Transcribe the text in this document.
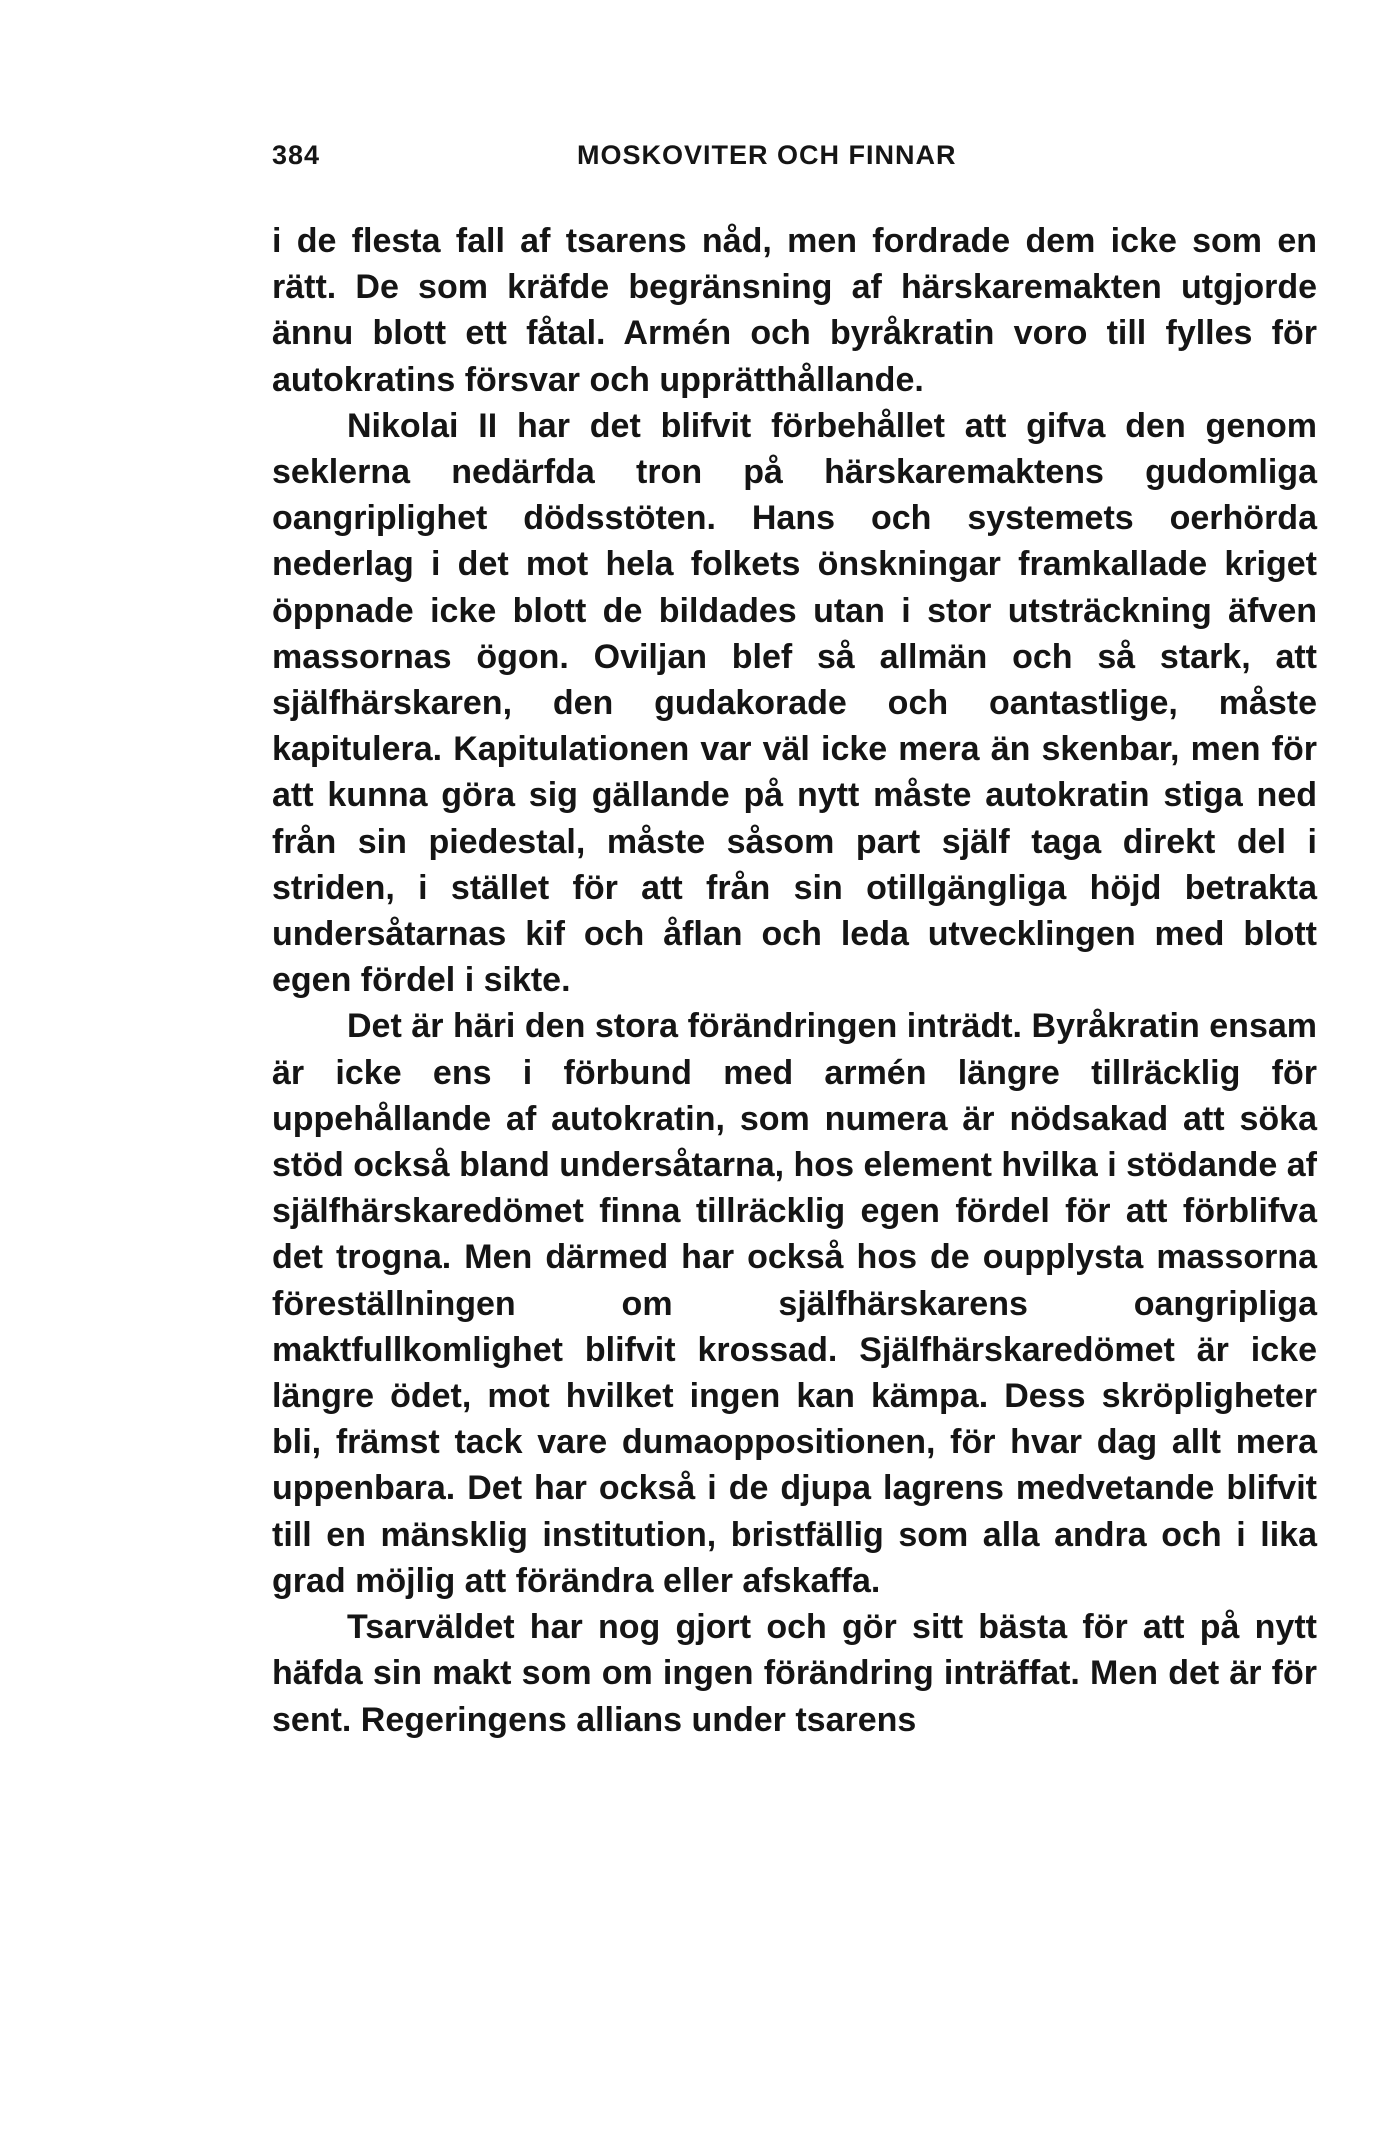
384	MOSKOVITER OCH FINNAR

i de flesta fall af tsarens nåd, men fordrade dem icke som en rätt. De som kräfde begränsning af härskaremakten utgjorde ännu blott ett fåtal. Armén och byråkratin voro till fylles för autokratins försvar och upprätthållande.

Nikolai II har det blifvit förbehållet att gifva den genom seklerna nedärfda tron på härskaremaktens gudomliga oangriplighet dödsstöten. Hans och systemets oerhörda nederlag i det mot hela folkets önskningar framkallade kriget öppnade icke blott de bildades utan i stor utsträckning äfven massornas ögon. Oviljan blef så allmän och så stark, att själfhärskaren, den gudakorade och oantastlige, måste kapitulera. Kapitulationen var väl icke mera än skenbar, men för att kunna göra sig gällande på nytt måste autokratin stiga ned från sin piedestal, måste såsom part själf taga direkt del i striden, i stället för att från sin otillgängliga höjd betrakta undersåtarnas kif och åflan och leda utvecklingen med blott egen fördel i sikte.

Det är häri den stora förändringen inträdt. Byråkratin ensam är icke ens i förbund med armén längre tillräcklig för uppehållande af autokratin, som numera är nödsakad att söka stöd också bland undersåtarna, hos element hvilka i stödande af själfhärskaredömet finna tillräcklig egen fördel för att förblifva det trogna. Men därmed har också hos de oupplysta massorna föreställningen om själfhärskarens oangripliga maktfullkomlighet blifvit krossad. Själfhärskaredömet är icke längre ödet, mot hvilket ingen kan kämpa. Dess skröpligheter bli, främst tack vare dumaoppositionen, för hvar dag allt mera uppenbara. Det har också i de djupa lagrens medvetande blifvit till en mänsklig institution, bristfällig som alla andra och i lika grad möjlig att förändra eller afskaffa.

Tsarväldet har nog gjort och gör sitt bästa för att på nytt häfda sin makt som om ingen förändring inträffat. Men det är för sent. Regeringens allians under tsarens
